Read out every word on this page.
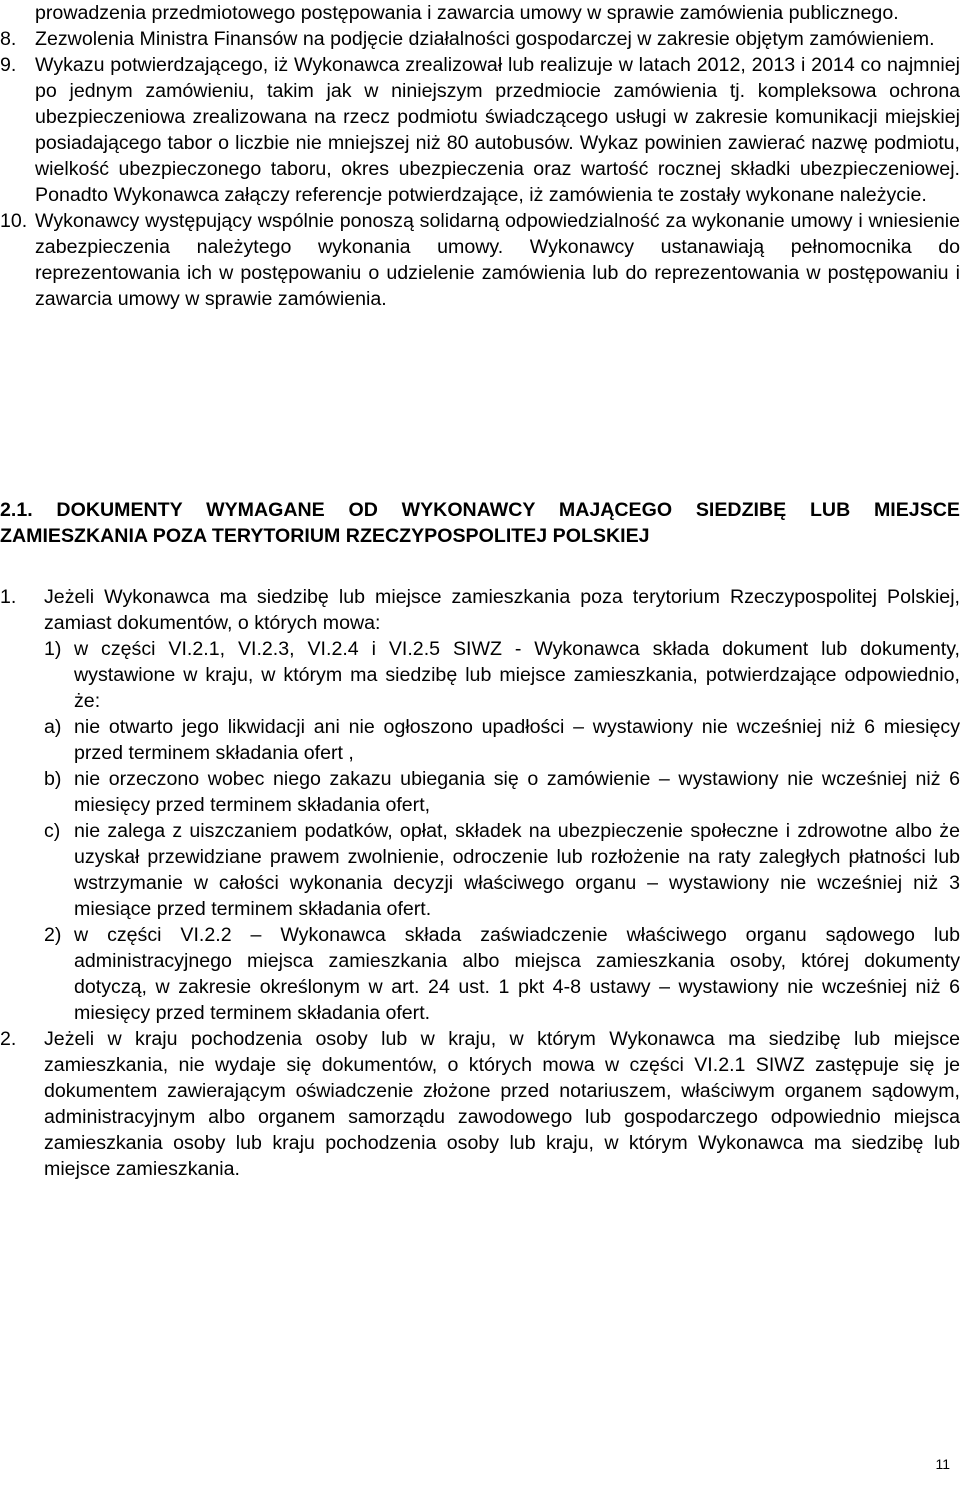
prowadzenia przedmiotowego postępowania i zawarcia umowy w sprawie zamówienia publicznego.
8. Zezwolenia Ministra Finansów na podjęcie działalności gospodarczej w zakresie objętym zamówieniem.
9. Wykazu potwierdzającego, iż Wykonawca zrealizował lub realizuje w latach 2012, 2013 i 2014 co najmniej po jednym zamówieniu, takim jak w niniejszym przedmiocie zamówienia tj. kompleksowa ochrona ubezpieczeniowa zrealizowana na rzecz podmiotu świadczącego usługi w zakresie komunikacji miejskiej posiadającego tabor o liczbie nie mniejszej niż 80 autobusów. Wykaz powinien zawierać nazwę podmiotu, wielkość ubezpieczonego taboru, okres ubezpieczenia oraz wartość rocznej składki ubezpieczeniowej. Ponadto Wykonawca załączy referencje potwierdzające, iż zamówienia te zostały wykonane należycie.
10. Wykonawcy występujący wspólnie ponoszą solidarną odpowiedzialność za wykonanie umowy i wniesienie zabezpieczenia należytego wykonania umowy. Wykonawcy ustanawiają pełnomocnika do reprezentowania ich w postępowaniu o udzielenie zamówienia lub do reprezentowania w postępowaniu i zawarcia umowy w sprawie zamówienia.
2.1. DOKUMENTY WYMAGANE OD WYKONAWCY MAJĄCEGO SIEDZIBĘ LUB MIEJSCE ZAMIESZKANIA POZA TERYTORIUM RZECZYPOSPOLITEJ POLSKIEJ
1. Jeżeli Wykonawca ma siedzibę lub miejsce zamieszkania poza terytorium Rzeczypospolitej Polskiej, zamiast dokumentów, o których mowa:
1) w części VI.2.1, VI.2.3, VI.2.4 i VI.2.5 SIWZ - Wykonawca składa dokument lub dokumenty, wystawione w kraju, w którym ma siedzibę lub miejsce zamieszkania, potwierdzające odpowiednio, że:
a) nie otwarto jego likwidacji ani nie ogłoszono upadłości – wystawiony nie wcześniej niż 6 miesięcy przed terminem składania ofert ,
b) nie orzeczono wobec niego zakazu ubiegania się o zamówienie – wystawiony nie wcześniej niż 6 miesięcy przed terminem składania ofert,
c) nie zalega z uiszczaniem podatków, opłat, składek na ubezpieczenie społeczne i zdrowotne albo że uzyskał przewidziane prawem zwolnienie, odroczenie lub rozłożenie na raty zaległych płatności lub wstrzymanie w całości wykonania decyzji właściwego organu – wystawiony nie wcześniej niż 3 miesiące przed terminem składania ofert.
2) w części VI.2.2 – Wykonawca składa zaświadczenie właściwego organu sądowego lub administracyjnego miejsca zamieszkania albo miejsca zamieszkania osoby, której dokumenty dotyczą, w zakresie określonym w art. 24 ust. 1 pkt 4-8 ustawy – wystawiony nie wcześniej niż 6 miesięcy przed terminem składania ofert.
2. Jeżeli w kraju pochodzenia osoby lub w kraju, w którym Wykonawca ma siedzibę lub miejsce zamieszkania, nie wydaje się dokumentów, o których mowa w części VI.2.1 SIWZ zastępuje się je dokumentem zawierającym oświadczenie złożone przed notariuszem, właściwym organem sądowym, administracyjnym albo organem samorządu zawodowego lub gospodarczego odpowiednio miejsca zamieszkania osoby lub kraju pochodzenia osoby lub kraju, w którym Wykonawca ma siedzibę lub miejsce zamieszkania.
11
